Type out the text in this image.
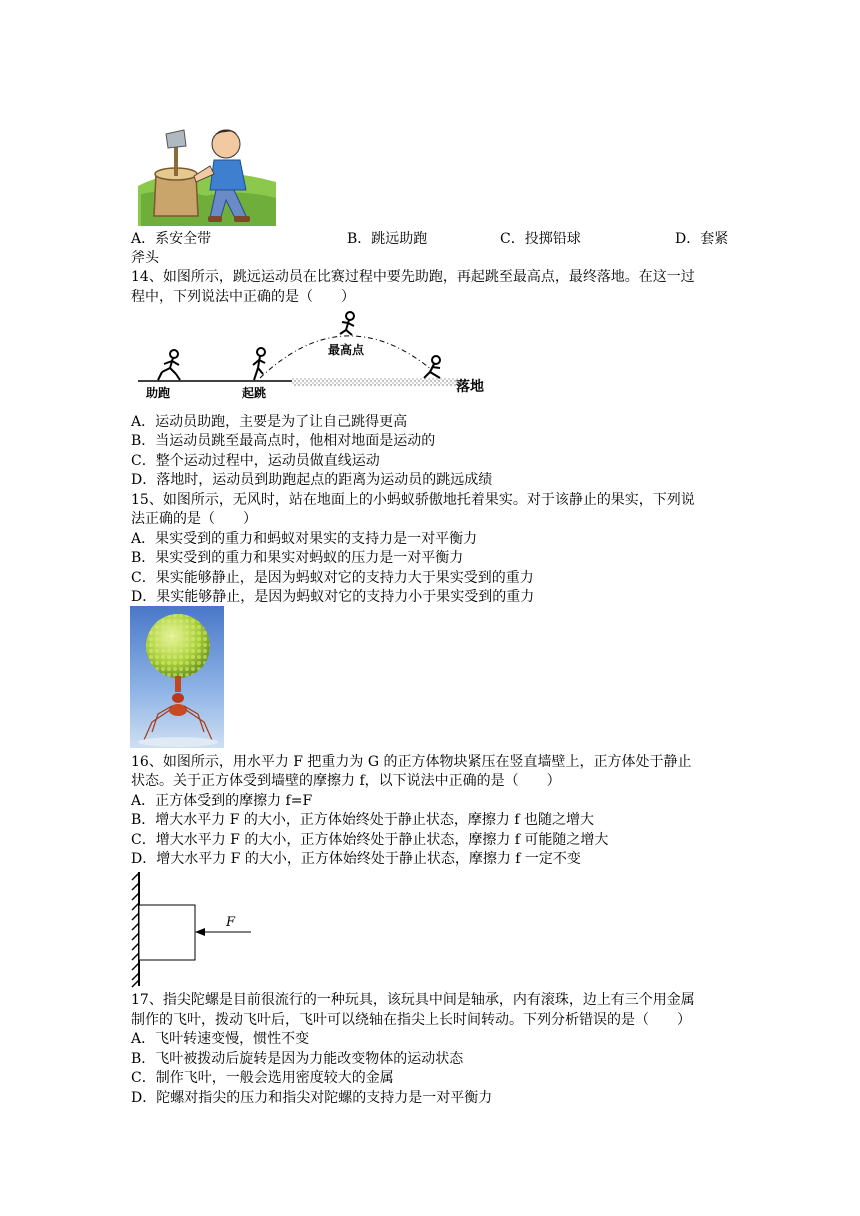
A．系安全带	B．跳远助跑	C．投掷铅球	D．套紧
斧头
14、如图所示，跳远运动员在比赛过程中要先助跑，再起跳至最高点，最终落地。在这一过
程中，下列说法中正确的是（　　）
助跑	起跳
最高点
落地
A．运动员助跑，主要是为了让自己跳得更高
B．当运动员跳至最高点时，他相对地面是运动的
C．整个运动过程中，运动员做直线运动
D．落地时，运动员到助跑起点的距离为运动员的跳远成绩
15、如图所示，无风时，站在地面上的小蚂蚁骄傲地托着果实。对于该静止的果实，下列说
法正确的是（　　）
A．果实受到的重力和蚂蚁对果实的支持力是一对平衡力
B．果实受到的重力和果实对蚂蚁的压力是一对平衡力
C．果实能够静止，是因为蚂蚁对它的支持力大于果实受到的重力
D．果实能够静止，是因为蚂蚁对它的支持力小于果实受到的重力
16、如图所示，用水平力 F 把重力为 G 的正方体物块紧压在竖直墙壁上，正方体处于静止
状态。关于正方体受到墙壁的摩擦力 f，以下说法中正确的是（　　）
A．正方体受到的摩擦力 f=F
B．增大水平力 F 的大小，正方体始终处于静止状态，摩擦力 f 也随之增大
C．增大水平力 F 的大小，正方体始终处于静止状态，摩擦力 f 可能随之增大
D．增大水平力 F 的大小，正方体始终处于静止状态，摩擦力 f 一定不变
F
17、指尖陀螺是目前很流行的一种玩具，该玩具中间是轴承，内有滚珠，边上有三个用金属
制作的飞叶，拨动飞叶后，飞叶可以绕轴在指尖上长时间转动。下列分析错误的是（　　）
A．飞叶转速变慢，惯性不变
B．飞叶被拨动后旋转是因为力能改变物体的运动状态
C．制作飞叶，一般会选用密度较大的金属
D．陀螺对指尖的压力和指尖对陀螺的支持力是一对平衡力
